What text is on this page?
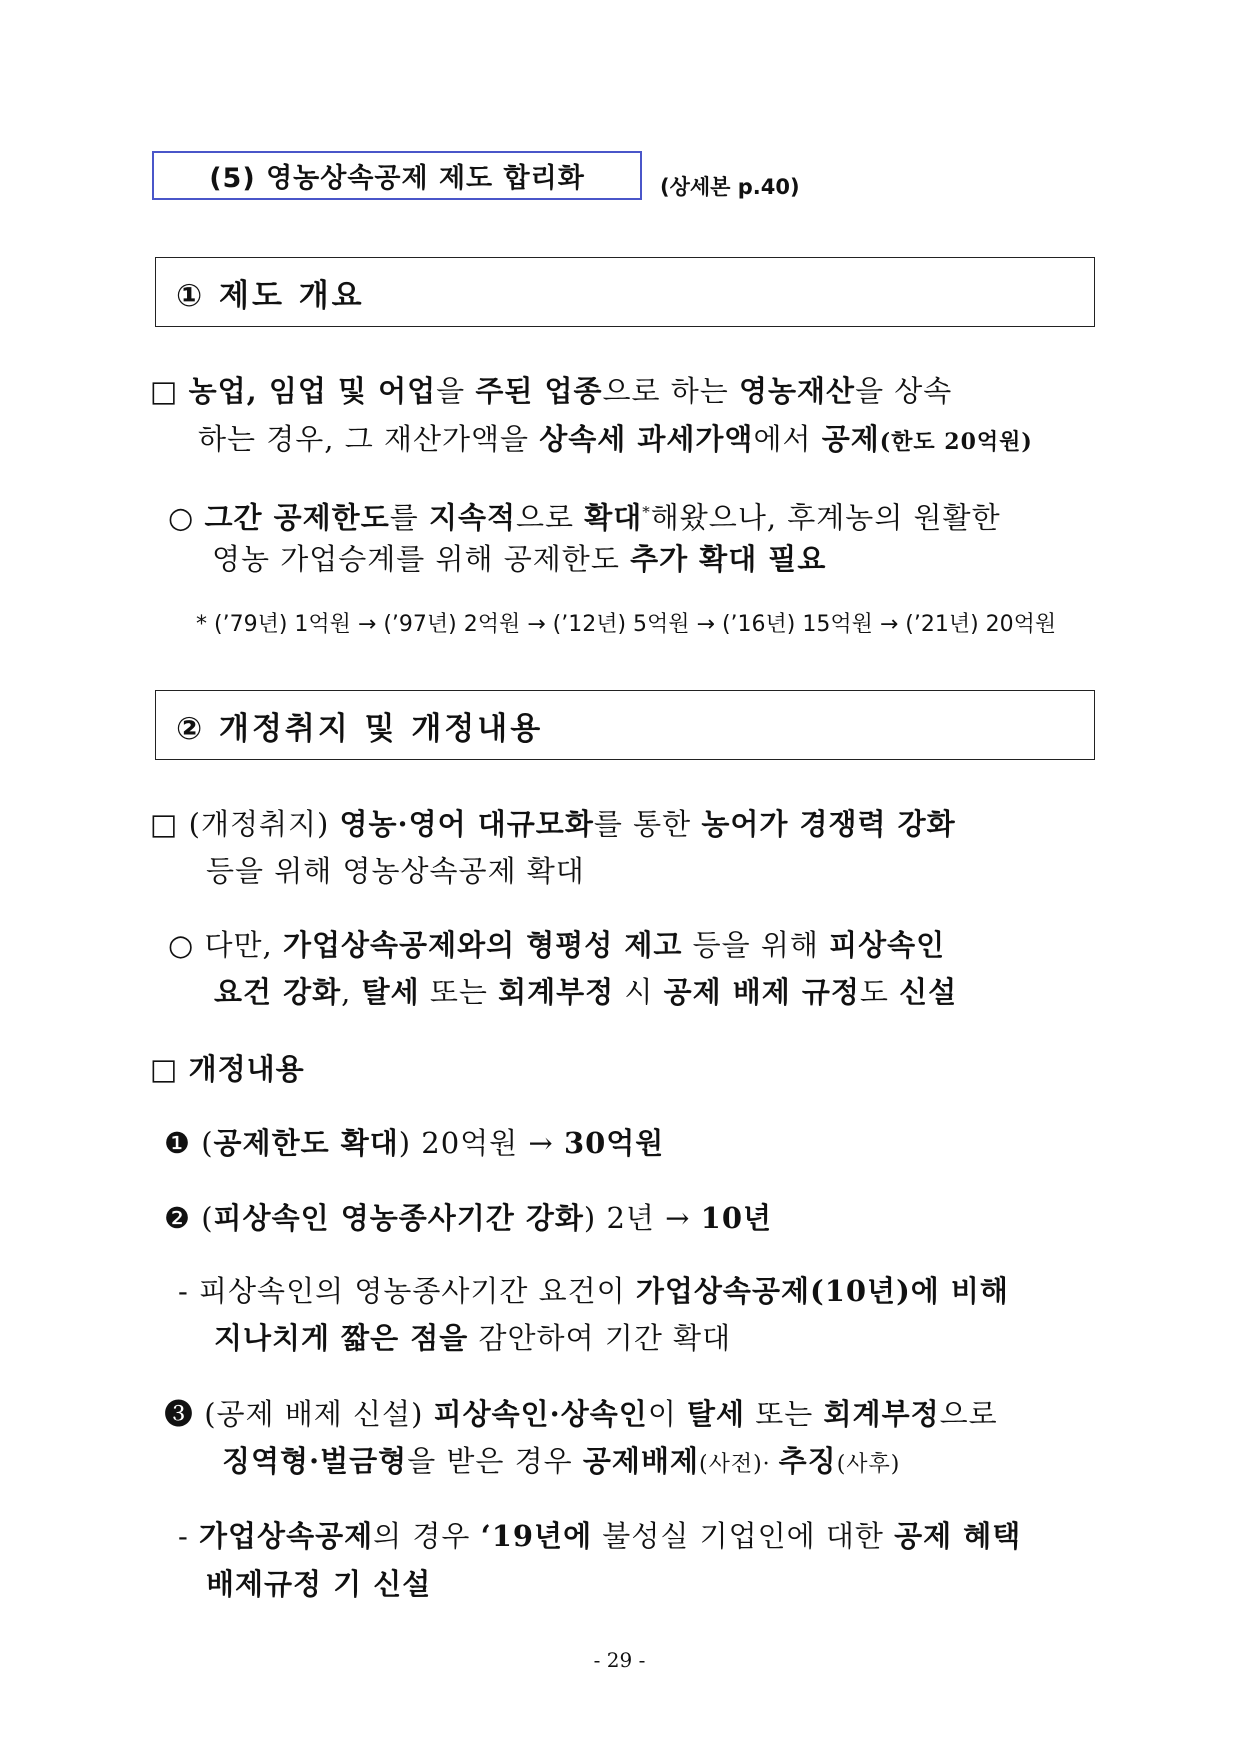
(5) 영농상속공제 제도 합리화	(상세본 p.40)
① 제도 개요
□ 농업, 임업 및 어업을 주된 업종으로 하는 영농재산을 상속
하는 경우, 그 재산가액을 상속세 과세가액에서 공제(한도 20억원)
○ 그간 공제한도를 지속적으로 확대*해왔으나, 후계농의 원활한
영농 가업승계를 위해 공제한도 추가 확대 필요
* (’79년) 1억원 → (’97년) 2억원 → (’12년) 5억원 → (’16년) 15억원 → (’21년) 20억원
② 개정취지 및 개정내용
□ (개정취지) 영농·영어 대규모화를 통한 농어가 경쟁력 강화
등을 위해 영농상속공제 확대
○ 다만, 가업상속공제와의 형평성 제고 등을 위해 피상속인
요건 강화, 탈세 또는 회계부정 시 공제 배제 규정도 신설
□ 개정내용
❶ (공제한도 확대) 20억원 → 30억원
❷ (피상속인 영농종사기간 강화) 2년 → 10년
- 피상속인의 영농종사기간 요건이 가업상속공제(10년)에 비해
지나치게 짧은 점을 감안하여 기간 확대
❸ (공제 배제 신설) 피상속인·상속인이 탈세 또는 회계부정으로
징역형·벌금형을 받은 경우 공제배제(사전)· 추징(사후)
- 가업상속공제의 경우 ‘19년에 불성실 기업인에 대한 공제 혜택
배제규정 기 신설
- 29 -
